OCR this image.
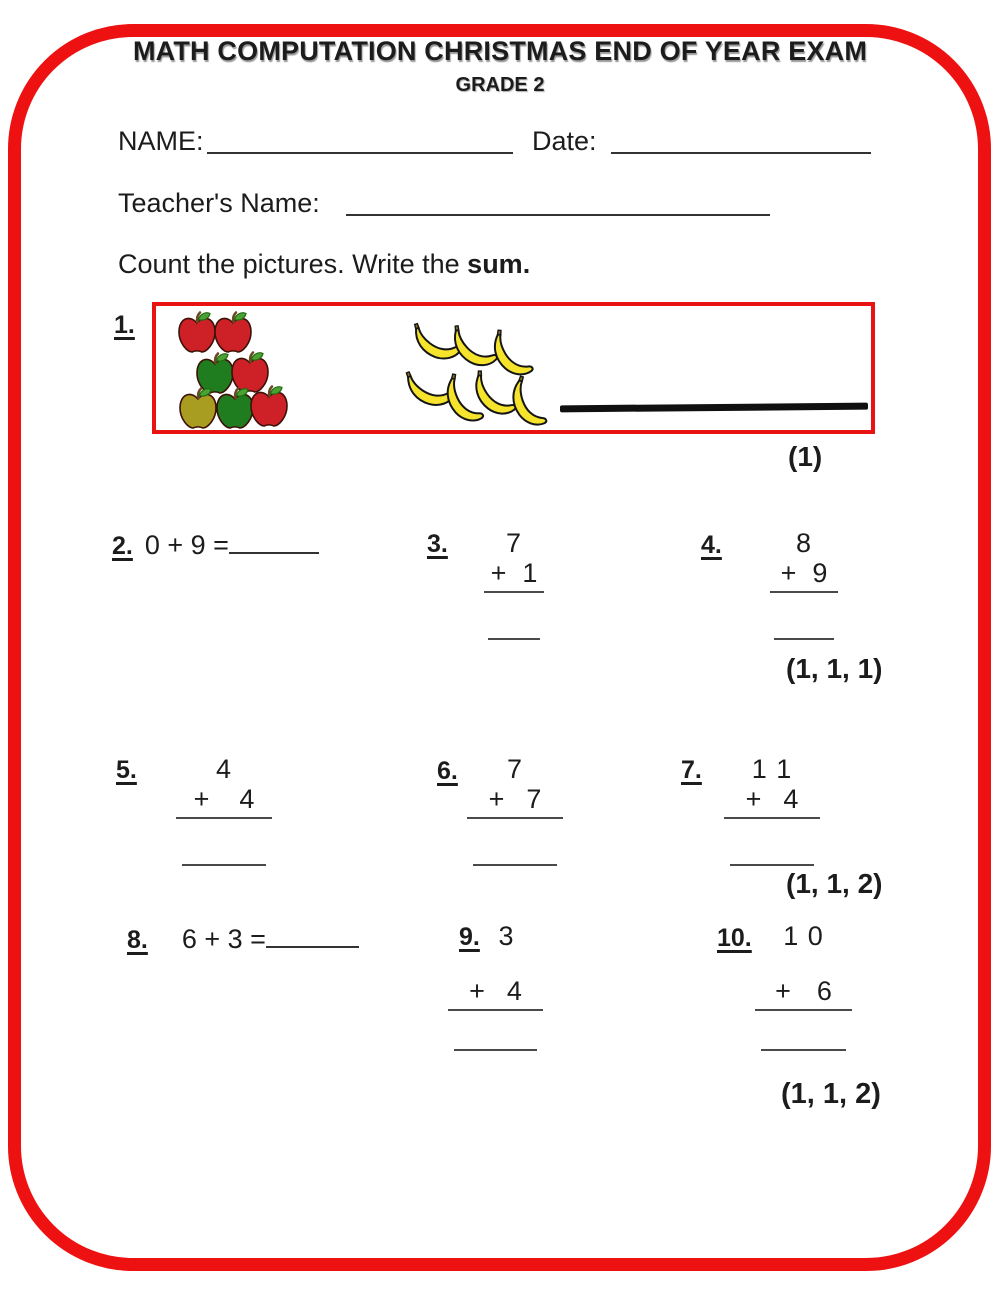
MATH COMPUTATION CHRISTMAS END OF YEAR EXAM
GRADE 2
NAME:	Date:
Teacher's Name:
Count the pictures. Write the sum.
1.
(1)
2. 0 + 9 =	3.	7
+ 1
4.	8
+ 9
(1, 1, 1)
5.	4
+ 4
6.	7
+ 7
7.	1 1
+ 4
(1, 1, 2)
8. 6 + 3 =	9. 3
+ 4
10.	1 0
+ 6
(1, 1, 2)
